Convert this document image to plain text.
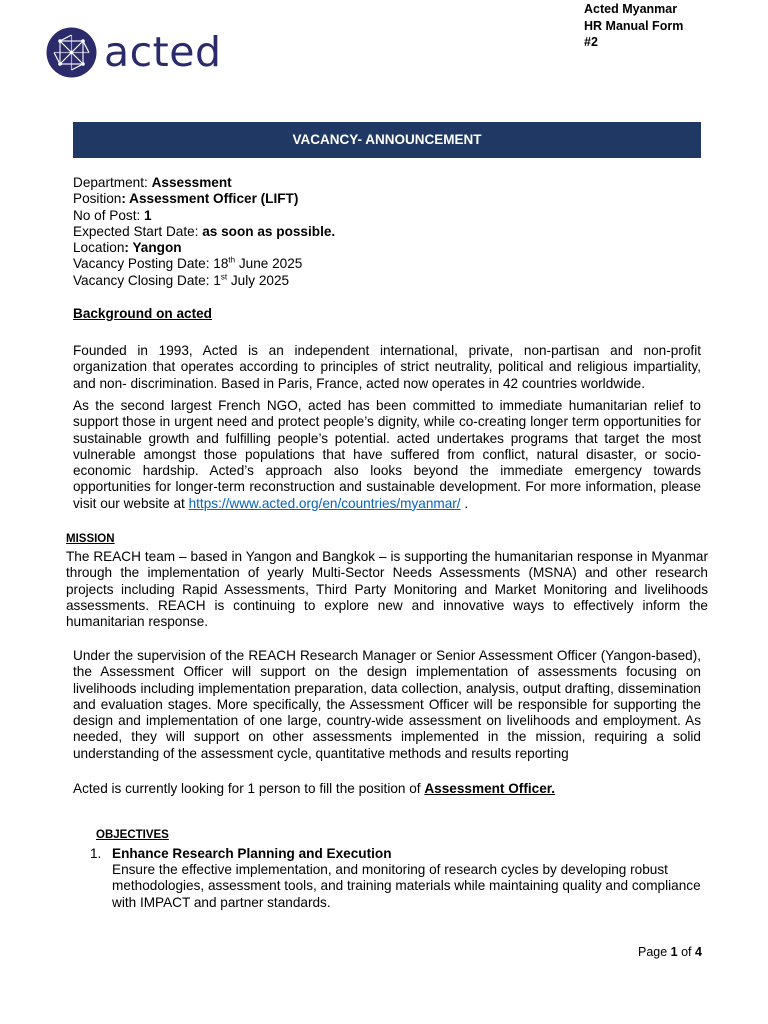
acted
Acted Myanmar
HR Manual Form
#2
VACANCY- ANNOUNCEMENT
Department: Assessment
Position: Assessment Officer (LIFT)
No of Post: 1
Expected Start Date: as soon as possible.
Location: Yangon
Vacancy Posting Date: 18th June 2025
Vacancy Closing Date: 1st July 2025
Background on acted
Founded in 1993, Acted is an independent international, private, non-partisan and non-profit organization that operates according to principles of strict neutrality, political and religious impartiality, and non- discrimination. Based in Paris, France, acted now operates in 42 countries worldwide.
As the second largest French NGO, acted has been committed to immediate humanitarian relief to support those in urgent need and protect people’s dignity, while co-creating longer term opportunities for sustainable growth and fulfilling people’s potential. acted undertakes programs that target the most vulnerable amongst those populations that have suffered from conflict, natural disaster, or socio-economic hardship. Acted’s approach also looks beyond the immediate emergency towards opportunities for longer-term reconstruction and sustainable development. For more information, please visit our website at https://www.acted.org/en/countries/myanmar/ .
MISSION
The REACH team – based in Yangon and Bangkok – is supporting the humanitarian response in Myanmar through the implementation of yearly Multi-Sector Needs Assessments (MSNA) and other research projects including Rapid Assessments, Third Party Monitoring and Market Monitoring and livelihoods assessments. REACH is continuing to explore new and innovative ways to effectively inform the humanitarian response.
Under the supervision of the REACH Research Manager or Senior Assessment Officer (Yangon-based), the Assessment Officer will support on the design implementation of assessments focusing on livelihoods including implementation preparation, data collection, analysis, output drafting, dissemination and evaluation stages. More specifically, the Assessment Officer will be responsible for supporting the design and implementation of one large, country-wide assessment on livelihoods and employment. As needed, they will support on other assessments implemented in the mission, requiring a solid understanding of the assessment cycle, quantitative methods and results reporting
Acted is currently looking for 1 person to fill the position of Assessment Officer.
OBJECTIVES
1. Enhance Research Planning and Execution
Ensure the effective implementation, and monitoring of research cycles by developing robust methodologies, assessment tools, and training materials while maintaining quality and compliance with IMPACT and partner standards.
Page 1 of 4
